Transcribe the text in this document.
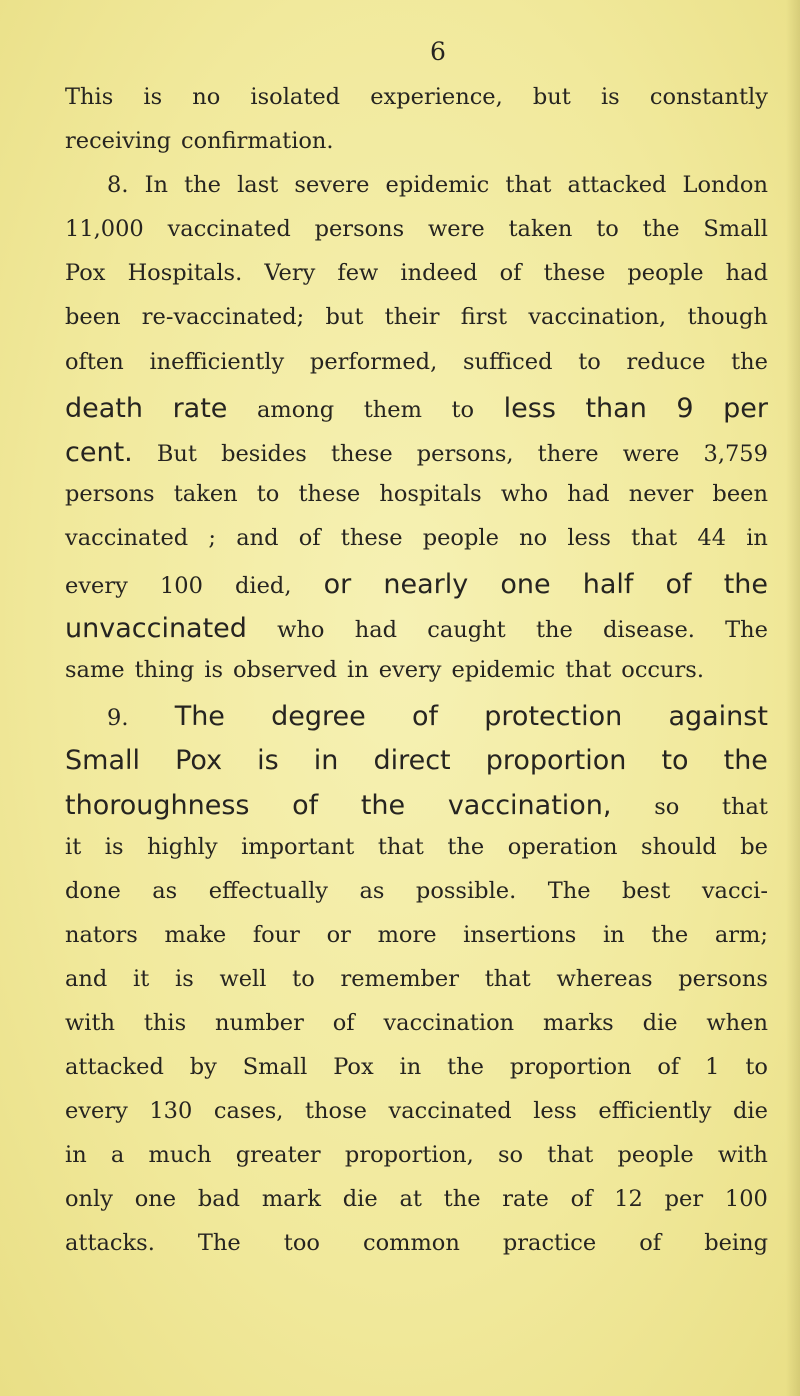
6
This is no isolated experience, but is constantly
receiving confirmation.
8. In the last severe epidemic that attacked London
11,000 vaccinated persons were taken to the Small
Pox Hospitals. Very few indeed of these people had
been re-vaccinated; but their first vaccination, though
often inefficiently performed, sufficed to reduce the
death rate among them to less than 9 per
cent. But besides these persons, there were 3,759
persons taken to these hospitals who had never been
vaccinated ; and of these people no less that 44 in
every 100 died, or nearly one half of the
unvaccinated who had caught the disease. The
same thing is observed in every epidemic that occurs.
9. The degree of protection against
Small Pox is in direct proportion to the
thoroughness of the vaccination, so that
it is highly important that the operation should be
done as effectually as possible. The best vacci-
nators make four or more insertions in the arm;
and it is well to remember that whereas persons
with this number of vaccination marks die when
attacked by Small Pox in the proportion of 1 to
every 130 cases, those vaccinated less efficiently die
in a much greater proportion, so that people with
only one bad mark die at the rate of 12 per 100
attacks. The too common practice of being
